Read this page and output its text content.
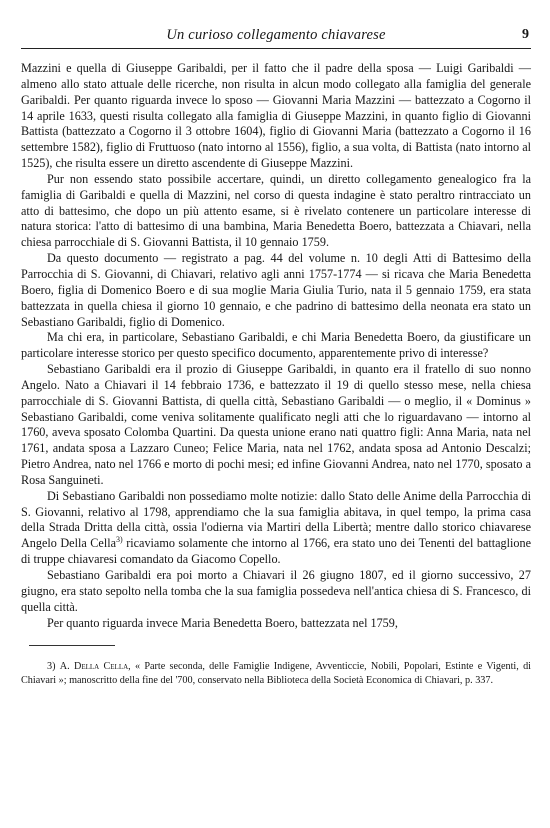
Un curioso collegamento chiavarese	9

Mazzini e quella di Giuseppe Garibaldi, per il fatto che il padre della sposa — Luigi Garibaldi — almeno allo stato attuale delle ricerche, non risulta in alcun modo collegato alla famiglia del generale Garibaldi. Per quanto riguarda invece lo sposo — Giovanni Maria Mazzini — battezzato a Cogorno il 14 aprile 1633, questi risulta collegato alla famiglia di Giuseppe Mazzini, in quanto figlio di Giovanni Battista (battezzato a Cogorno il 3 ottobre 1604), figlio di Giovanni Maria (battezzato a Cogorno il 16 settembre 1582), figlio di Fruttuoso (nato intorno al 1556), figlio, a sua volta, di Battista (nato intorno al 1525), che risulta essere un diretto ascendente di Giuseppe Mazzini.

Pur non essendo stato possibile accertare, quindi, un diretto collegamento genealogico fra la famiglia di Garibaldi e quella di Mazzini, nel corso di questa indagine è stato peraltro rintracciato un atto di battesimo, che dopo un più attento esame, si è rivelato contenere un particolare interesse di natura storica: l'atto di battesimo di una bambina, Maria Benedetta Boero, battezzata a Chiavari, nella chiesa parrocchiale di S. Giovanni Battista, il 10 gennaio 1759.

Da questo documento — registrato a pag. 44 del volume n. 10 degli Atti di Battesimo della Parrocchia di S. Giovanni, di Chiavari, relativo agli anni 1757-1774 — si ricava che Maria Benedetta Boero, figlia di Domenico Boero e di sua moglie Maria Giulia Turio, nata il 5 gennaio 1759, era stata battezzata in quella chiesa il giorno 10 gennaio, e che padrino di battesimo della neonata era stato un Sebastiano Garibaldi, figlio di Domenico.

Ma chi era, in particolare, Sebastiano Garibaldi, e chi Maria Benedetta Boero, da giustificare un particolare interesse storico per questo specifico documento, apparentemente privo di interesse?

Sebastiano Garibaldi era il prozio di Giuseppe Garibaldi, in quanto era il fratello di suo nonno Angelo. Nato a Chiavari il 14 febbraio 1736, e battezzato il 19 di quello stesso mese, nella chiesa parrocchiale di S. Giovanni Battista, di quella città, Sebastiano Garibaldi — o meglio, il « Dominus » Sebastiano Garibaldi, come veniva solitamente qualificato negli atti che lo riguardavano — intorno al 1760, aveva sposato Colomba Quartini. Da questa unione erano nati quattro figli: Anna Maria, nata nel 1761, andata sposa a Lazzaro Cuneo; Felice Maria, nata nel 1762, andata sposa ad Antonio Descalzi; Pietro Andrea, nato nel 1766 e morto di pochi mesi; ed infine Giovanni Andrea, nato nel 1770, sposato a Rosa Sanguineti.

Di Sebastiano Garibaldi non possediamo molte notizie: dallo Stato delle Anime della Parrocchia di S. Giovanni, relativo al 1798, apprendiamo che la sua famiglia abitava, in quel tempo, la prima casa della Strada Dritta della città, ossia l'odierna via Martiri della Libertà; mentre dallo storico chiavarese Angelo Della Cella$^{3)}$ ricaviamo solamente che intorno al 1766, era stato uno dei Tenenti del battaglione di truppe chiavaresi comandato da Giacomo Copello.

Sebastiano Garibaldi era poi morto a Chiavari il 26 giugno 1807, ed il giorno successivo, 27 giugno, era stato sepolto nella tomba che la sua famiglia possedeva nell'antica chiesa di S. Francesco, di quella città.

Per quanto riguarda invece Maria Benedetta Boero, battezzata nel 1759,

3) A. Della Cella, « Parte seconda, delle Famiglie Indigene, Avventiccie, Nobili, Popolari, Estinte e Vigenti, di Chiavari »; manoscritto della fine del '700, conservato nella Biblioteca della Società Economica di Chiavari, p. 337.
